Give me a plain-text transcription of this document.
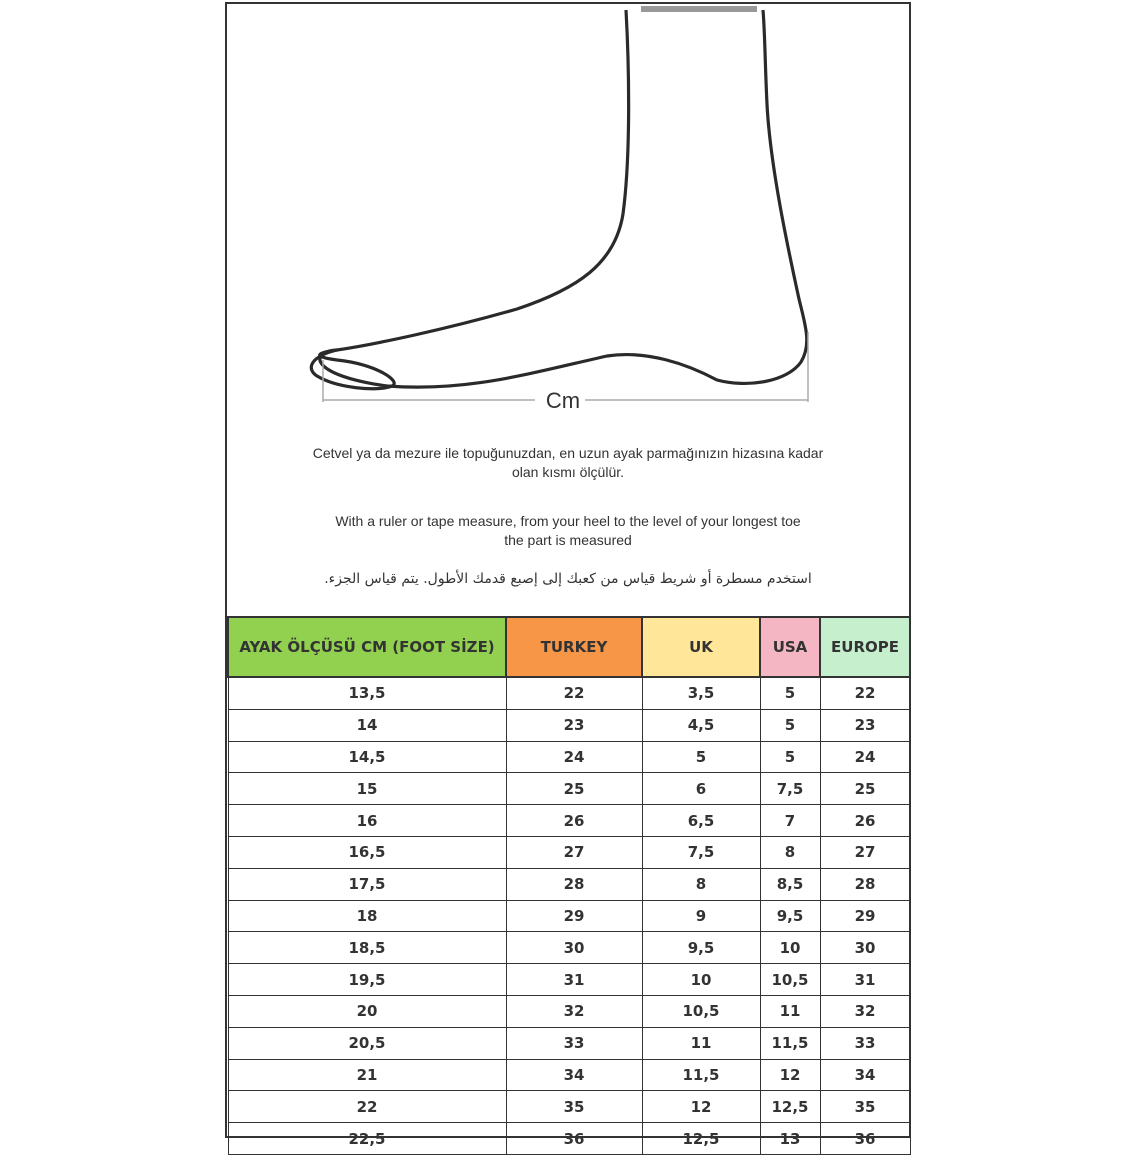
Cm
Cetvel ya da mezure ile topuğunuzdan, en uzun ayak parmağınızın hizasına kadar
olan kısmı ölçülür.
With a ruler or tape measure, from your heel to the level of your longest toe
the part is measured
استخدم مسطرة أو شريط قياس من كعبك إلى إصبع قدمك الأطول. يتم قياس الجزء.
AYAK ÖLÇÜSÜ CM (FOOT SİZE)	TURKEY	UK	USA	EUROPE
13,5	22	3,5	5	22
14	23	4,5	5	23
14,5	24	5	5	24
15	25	6	7,5	25
16	26	6,5	7	26
16,5	27	7,5	8	27
17,5	28	8	8,5	28
18	29	9	9,5	29
18,5	30	9,5	10	30
19,5	31	10	10,5	31
20	32	10,5	11	32
20,5	33	11	11,5	33
21	34	11,5	12	34
22	35	12	12,5	35
22,5	36	12,5	13	36
